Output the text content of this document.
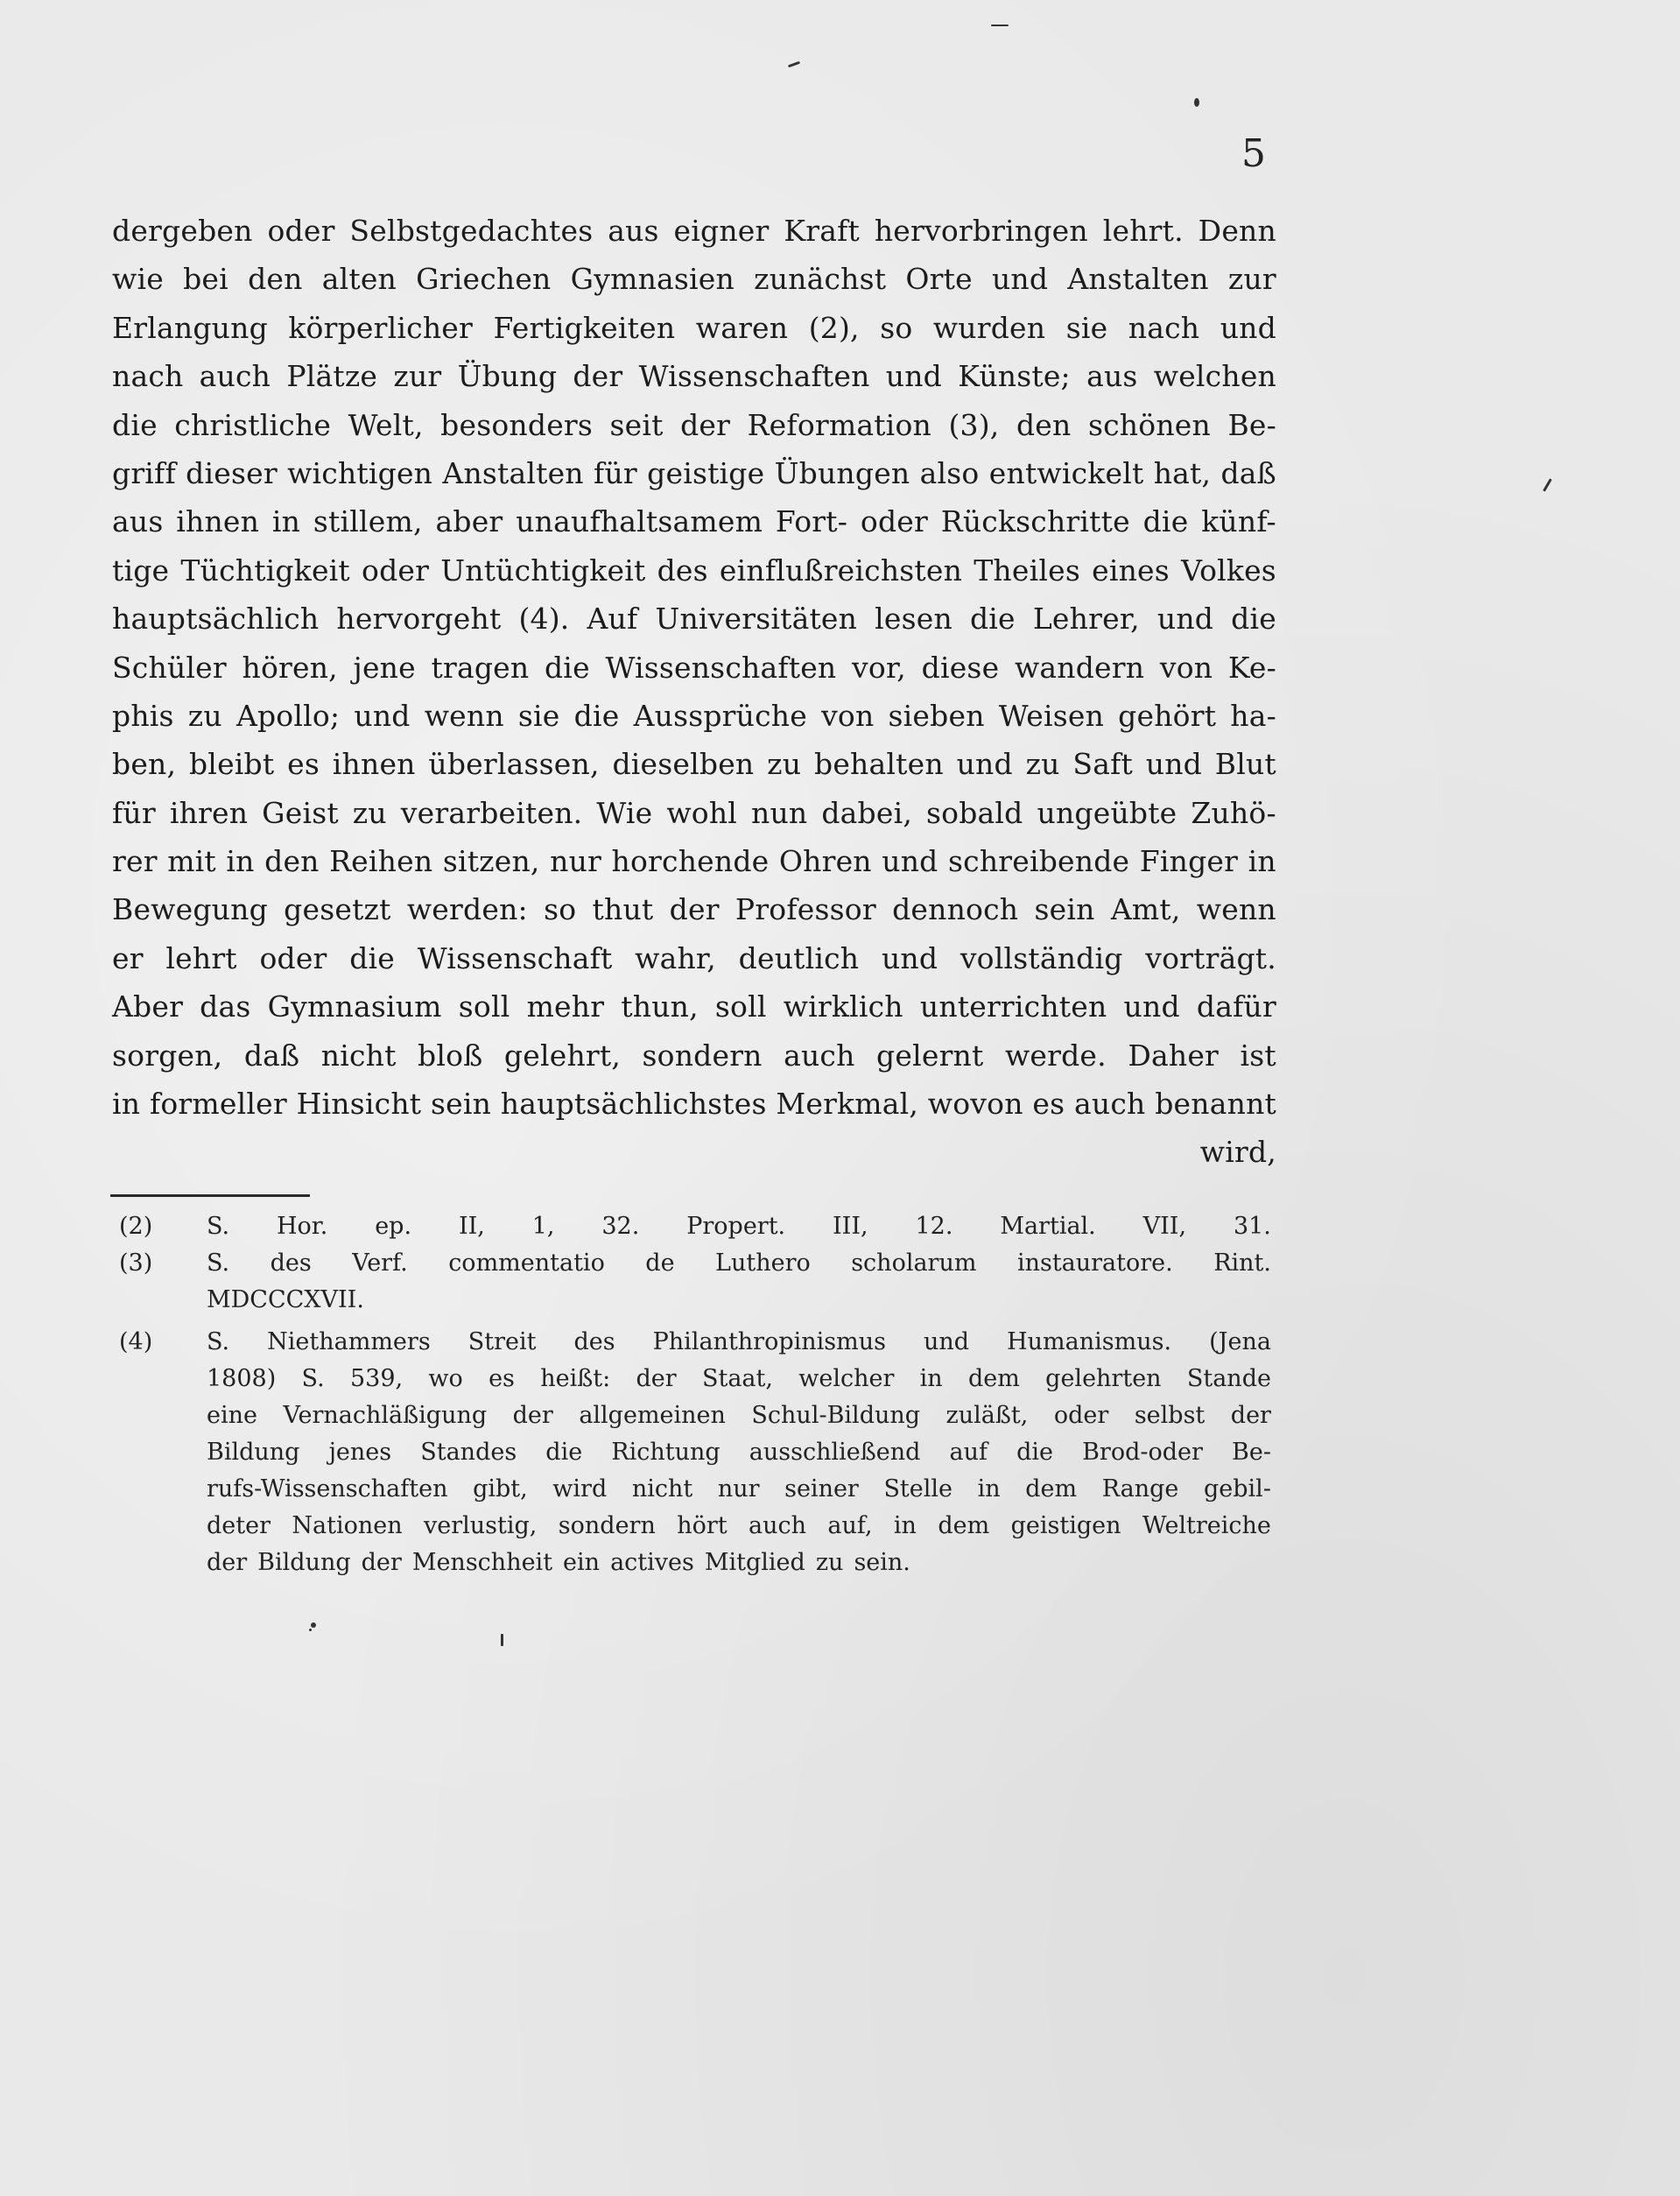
5
dergeben oder Selbstgedachtes aus eigner Kraft hervorbringen lehrt. Denn
wie bei den alten Griechen Gymnasien zunächst Orte und Anstalten zur
Erlangung körperlicher Fertigkeiten waren (2), so wurden sie nach und
nach auch Plätze zur Übung der Wissenschaften und Künste; aus welchen
die christliche Welt, besonders seit der Reformation (3), den schönen Be-
griff dieser wichtigen Anstalten für geistige Übungen also entwickelt hat, daß
aus ihnen in stillem, aber unaufhaltsamem Fort- oder Rückschritte die künf-
tige Tüchtigkeit oder Untüchtigkeit des einflußreichsten Theiles eines Volkes
hauptsächlich hervorgeht (4). Auf Universitäten lesen die Lehrer, und die
Schüler hören, jene tragen die Wissenschaften vor, diese wandern von Ke-
phis zu Apollo; und wenn sie die Aussprüche von sieben Weisen gehört ha-
ben, bleibt es ihnen überlassen, dieselben zu behalten und zu Saft und Blut
für ihren Geist zu verarbeiten. Wie wohl nun dabei, sobald ungeübte Zuhö-
rer mit in den Reihen sitzen, nur horchende Ohren und schreibende Finger in
Bewegung gesetzt werden: so thut der Professor dennoch sein Amt, wenn
er lehrt oder die Wissenschaft wahr, deutlich und vollständig vorträgt.
Aber das Gymnasium soll mehr thun, soll wirklich unterrichten und dafür
sorgen, daß nicht bloß gelehrt, sondern auch gelernt werde. Daher ist
in formeller Hinsicht sein hauptsächlichstes Merkmal, wovon es auch benannt
wird,
(2)	S. Hor. ep. II, 1, 32. Propert. III, 12. Martial. VII, 31.
(3)	S. des Verf. commentatio de Luthero scholarum instauratore. Rint.
MDCCCXVII.
(4)	S. Niethammers Streit des Philanthropinismus und Humanismus. (Jena
1808) S. 539, wo es heißt: der Staat, welcher in dem gelehrten Stande
eine Vernachläßigung der allgemeinen Schul-Bildung zuläßt, oder selbst der
Bildung jenes Standes die Richtung ausschließend auf die Brod-oder Be-
rufs-Wissenschaften gibt, wird nicht nur seiner Stelle in dem Range gebil-
deter Nationen verlustig, sondern hört auch auf, in dem geistigen Weltreiche
der Bildung der Menschheit ein actives Mitglied zu sein.
